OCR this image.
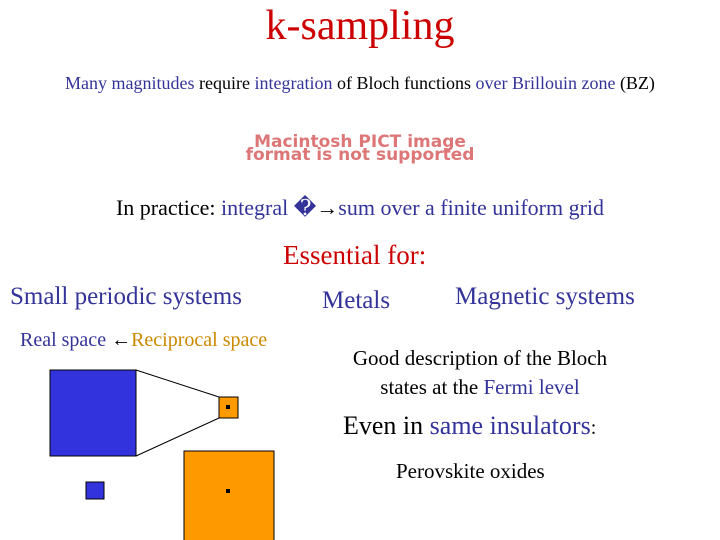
k-sampling
Many magnitudes require integration of Bloch functions over Brillouin zone (BZ)
Macintosh PICT image format is not supported
In practice: integral �→sum over a finite uniform grid
Essential for:
Small periodic systems	Metals	Magnetic systems
Real space ←Reciprocal space
Good description of the Bloch
states at the Fermi level
Even in same insulators:
Perovskite oxides
